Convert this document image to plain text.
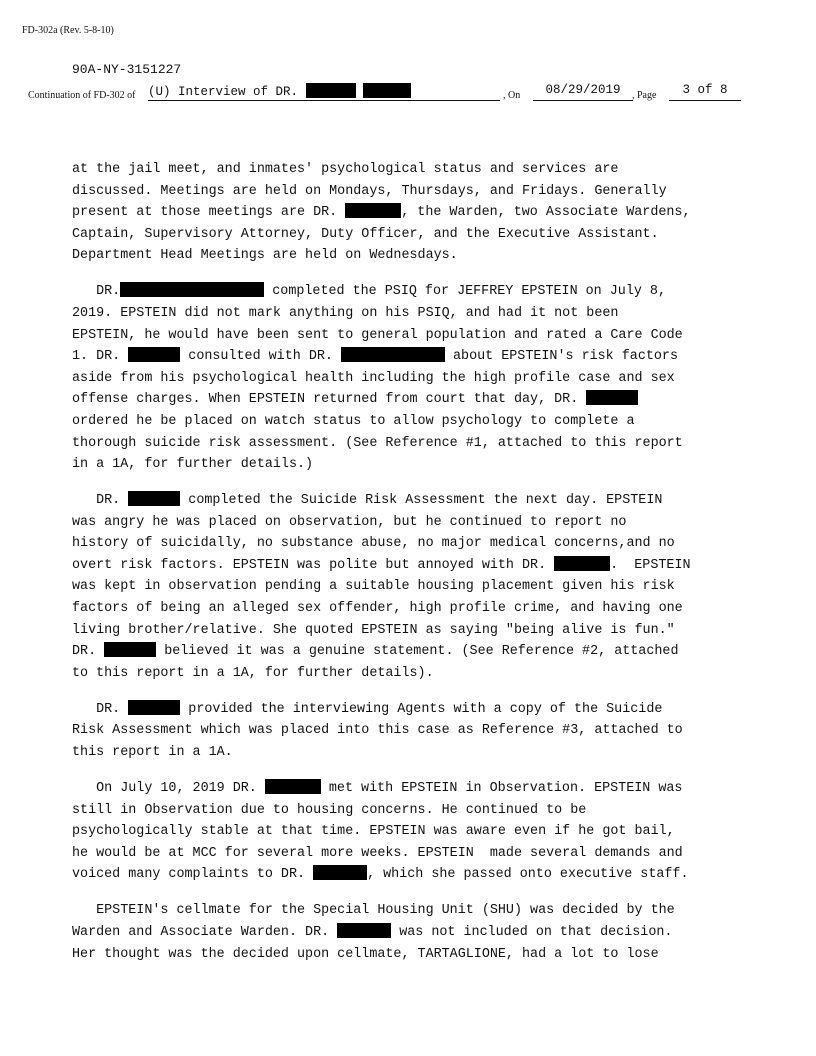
FD-302a (Rev. 5-8-10)
90A-NY-3151227
Continuation of FD-302 of (U) Interview of DR.	, On	08/29/2019	, Page	3 of 8
at the jail meet, and inmates' psychological status and services are
discussed. Meetings are held on Mondays, Thursdays, and Fridays. Generally
present at those meetings are DR.	, the Warden, two Associate Wardens,
Captain, Supervisory Attorney, Duty Officer, and the Executive Assistant.
Department Head Meetings are held on Wednesdays.
DR.	completed the PSIQ for JEFFREY EPSTEIN on July 8,
2019. EPSTEIN did not mark anything on his PSIQ, and had it not been
EPSTEIN, he would have been sent to general population and rated a Care Code
1. DR.	consulted with DR.	about EPSTEIN's risk factors
aside from his psychological health including the high profile case and sex
offense charges. When EPSTEIN returned from court that day, DR.
ordered he be placed on watch status to allow psychology to complete a
thorough suicide risk assessment. (See Reference #1, attached to this report
in a 1A, for further details.)
DR.	completed the Suicide Risk Assessment the next day. EPSTEIN
was angry he was placed on observation, but he continued to report no
history of suicidally, no substance abuse, no major medical concerns,and no
overt risk factors. EPSTEIN was polite but annoyed with DR.	.  EPSTEIN
was kept in observation pending a suitable housing placement given his risk
factors of being an alleged sex offender, high profile crime, and having one
living brother/relative. She quoted EPSTEIN as saying "being alive is fun."
DR.	believed it was a genuine statement. (See Reference #2, attached
to this report in a 1A, for further details).
DR.	provided the interviewing Agents with a copy of the Suicide
Risk Assessment which was placed into this case as Reference #3, attached to
this report in a 1A.
On July 10, 2019 DR.	met with EPSTEIN in Observation. EPSTEIN was
still in Observation due to housing concerns. He continued to be
psychologically stable at that time. EPSTEIN was aware even if he got bail,
he would be at MCC for several more weeks. EPSTEIN  made several demands and
voiced many complaints to DR.	, which she passed onto executive staff.
EPSTEIN's cellmate for the Special Housing Unit (SHU) was decided by the
Warden and Associate Warden. DR.	was not included on that decision.
Her thought was the decided upon cellmate, TARTAGLIONE, had a lot to lose
